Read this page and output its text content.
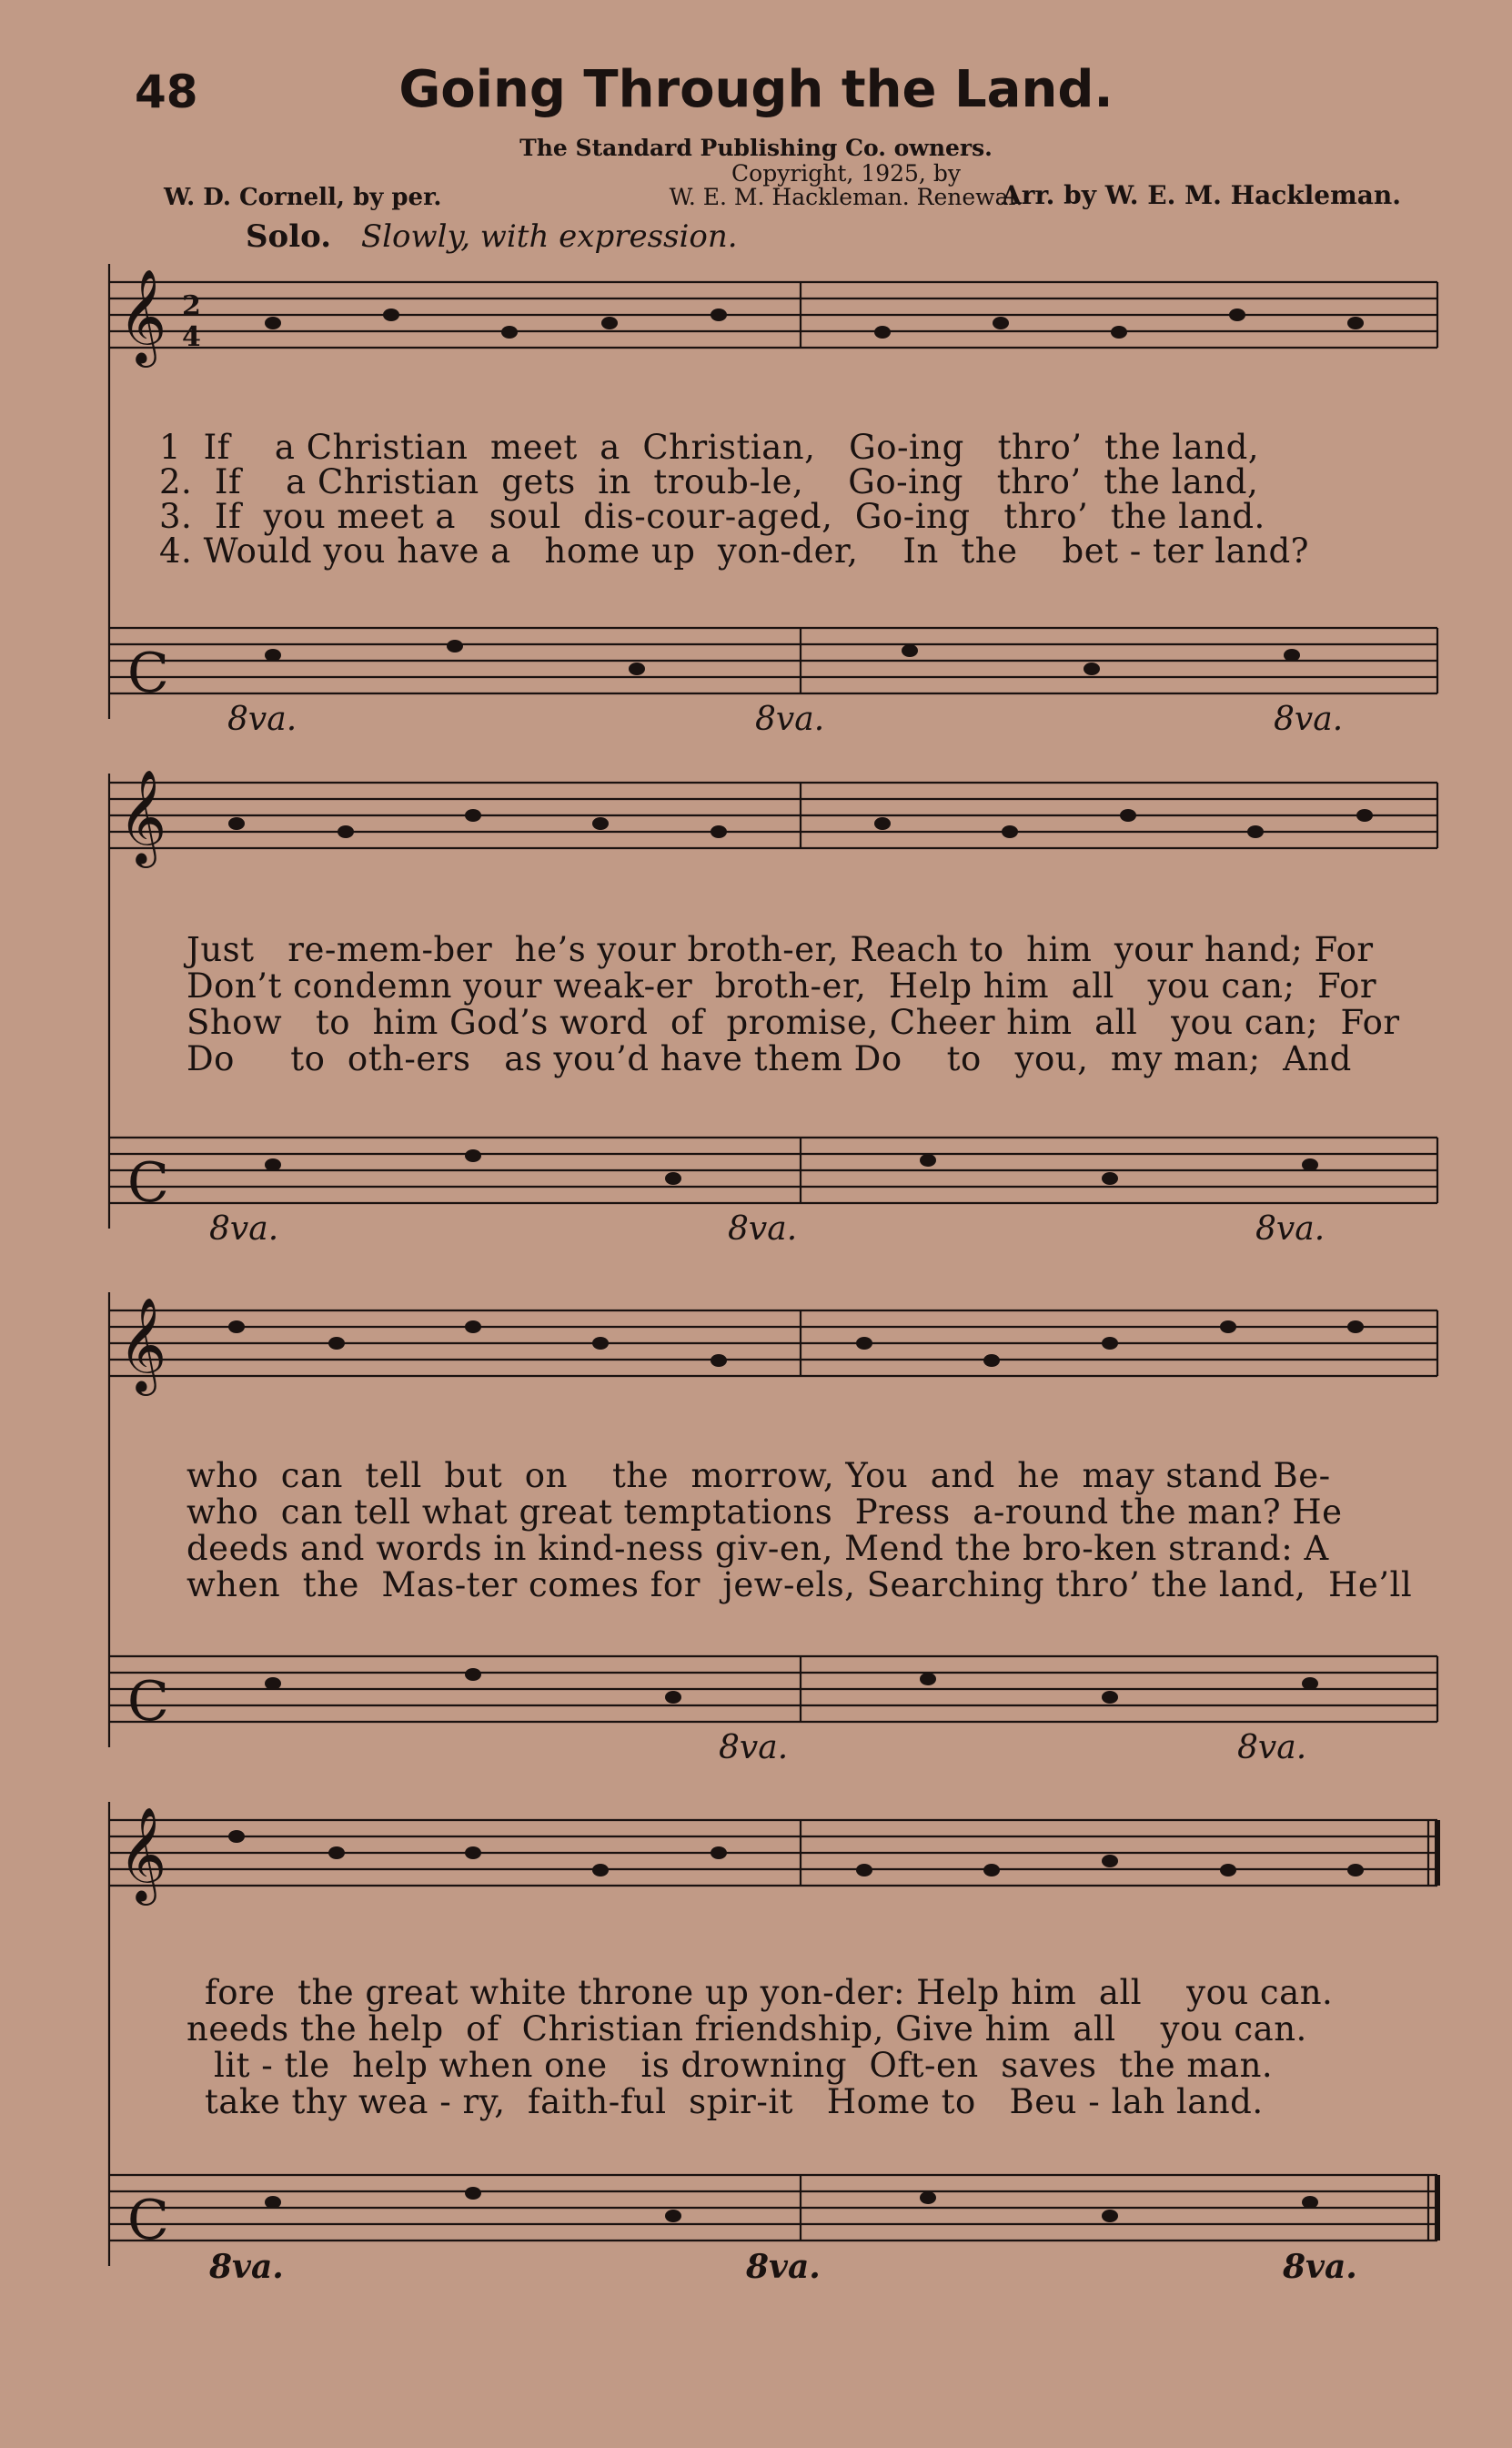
48	Going Through the Land.
The Standard Publishing Co. owners.
W. D. Cornell, by per.
Copyright, 1925, by
W. E. M. Hackleman. Renewal.
Arr. by W. E. M. Hackleman.
Solo. Slowly, with expression.
𝄞 2
4
C
1  If    a Christian  meet  a  Christian,   Go-ing   thro’  the land,
2.  If    a Christian  gets  in  troub-le,    Go-ing   thro’  the land,
3.  If  you meet a   soul  dis-cour-aged,  Go-ing   thro’  the land.
4. Would you have a   home up  yon-der,    In  the    bet - ter land?
8va.	8va.	8va.
𝄞
C
Just   re-mem-ber  he’s your broth-er, Reach to  him  your hand; For
Don’t condemn your weak-er  broth-er,  Help him  all   you can;  For
Show   to  him God’s word  of  promise, Cheer him  all   you can;  For
Do     to  oth-ers   as you’d have them Do    to   you,  my man;  And
8va.	8va.	8va.
𝄞
C
who  can  tell  but  on    the  morrow, You  and  he  may stand Be-
who  can tell what great temptations  Press  a-round the man? He
deeds and words in kind-ness giv-en, Mend the bro-ken strand: A
when  the  Mas-ter comes for  jew-els, Searching thro’ the land,  He’ll
8va.	8va.
𝄞
C
fore  the great white throne up yon-der: Help him  all    you can.
needs the help  of  Christian friendship, Give him  all    you can.
lit - tle  help when one   is drowning  Oft-en  saves  the man.
take thy wea - ry,  faith-ful  spir-it   Home to   Beu - lah land.
8va.	8va.	8va.
